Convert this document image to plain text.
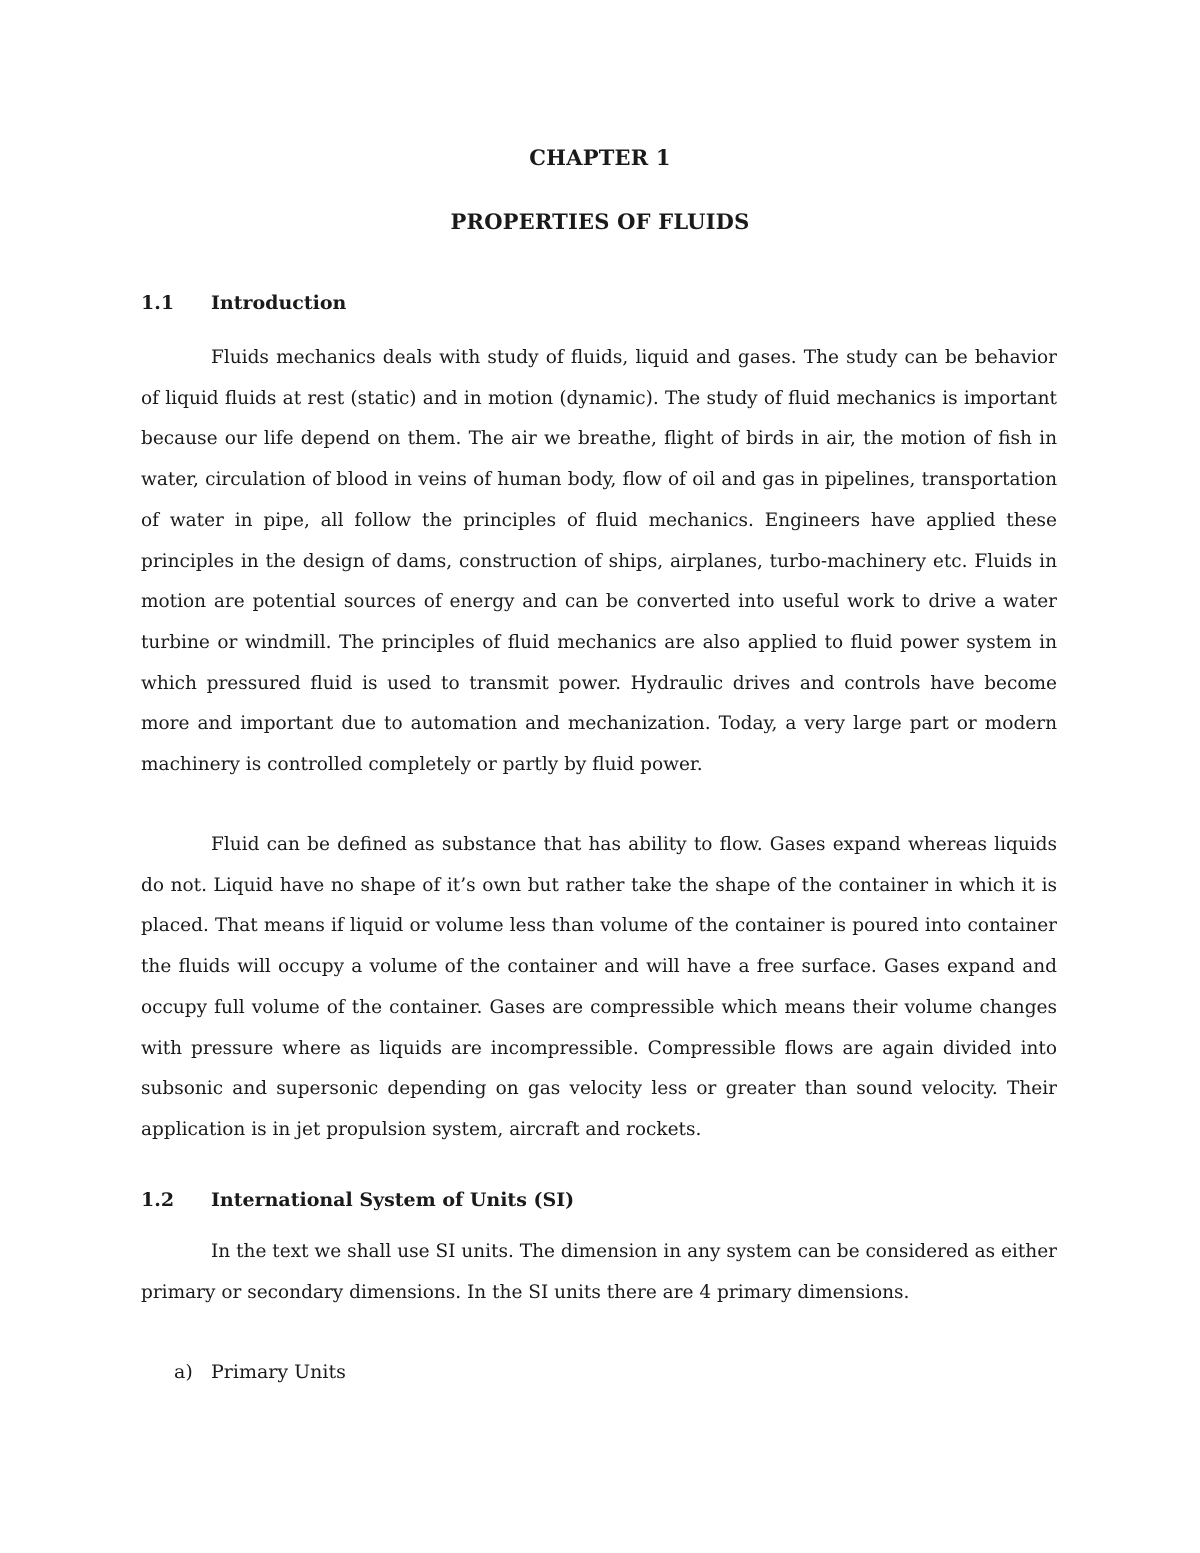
CHAPTER 1
PROPERTIES OF FLUIDS
1.1 Introduction

Fluids mechanics deals with study of fluids, liquid and gases. The study can be behavior of liquid fluids at rest (static) and in motion (dynamic). The study of fluid mechanics is important because our life depend on them. The air we breathe, flight of birds in air, the motion of fish in water, circulation of blood in veins of human body, flow of oil and gas in pipelines, transportation of water in pipe, all follow the principles of fluid mechanics. Engineers have applied these principles in the design of dams, construction of ships, airplanes, turbo-machinery etc. Fluids in motion are potential sources of energy and can be converted into useful work to drive a water turbine or windmill. The principles of fluid mechanics are also applied to fluid power system in which pressured fluid is used to transmit power. Hydraulic drives and controls have become more and important due to automation and mechanization. Today, a very large part or modern machinery is controlled completely or partly by fluid power.

Fluid can be defined as substance that has ability to flow. Gases expand whereas liquids do not. Liquid have no shape of it’s own but rather take the shape of the container in which it is placed. That means if liquid or volume less than volume of the container is poured into container the fluids will occupy a volume of the container and will have a free surface. Gases expand and occupy full volume of the container. Gases are compressible which means their volume changes with pressure where as liquids are incompressible. Compressible flows are again divided into subsonic and supersonic depending on gas velocity less or greater than sound velocity. Their application is in jet propulsion system, aircraft and rockets.

1.2 International System of Units (SI)

In the text we shall use SI units. The dimension in any system can be considered as either primary or secondary dimensions. In the SI units there are 4 primary dimensions.

a) Primary Units
